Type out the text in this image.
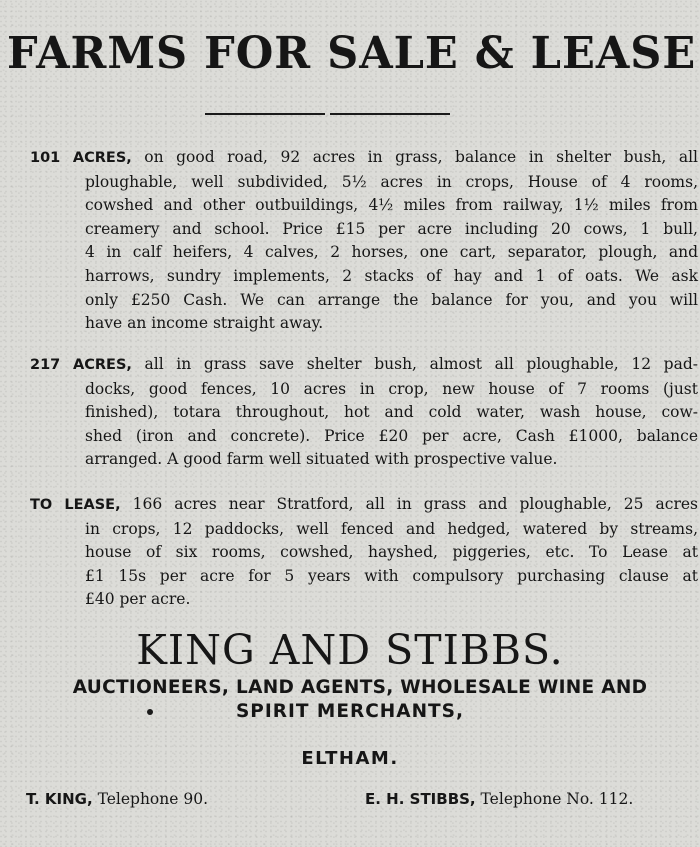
FARMS FOR SALE & LEASE
101 ACRES, on good road, 92 acres in grass, balance in shelter bush, all
ploughable, well subdivided, 5½ acres in crops, House of 4 rooms,
cowshed and other outbuildings, 4½ miles from railway, 1½ miles from
creamery and school. Price £15 per acre including 20 cows, 1 bull,
4 in calf heifers, 4 calves, 2 horses, one cart, separator, plough, and
harrows, sundry implements, 2 stacks of hay and 1 of oats. We ask
only £250 Cash. We can arrange the balance for you, and you will
have an income straight away.
217 ACRES, all in grass save shelter bush, almost all ploughable, 12 pad-
docks, good fences, 10 acres in crop, new house of 7 rooms (just
finished), totara throughout, hot and cold water, wash house, cow-
shed (iron and concrete). Price £20 per acre, Cash £1000, balance
arranged. A good farm well situated with prospective value.
TO LEASE, 166 acres near Stratford, all in grass and ploughable, 25 acres
in crops, 12 paddocks, well fenced and hedged, watered by streams,
house of six rooms, cowshed, hayshed, piggeries, etc. To Lease at
£1 15s per acre for 5 years with compulsory purchasing clause at
£40 per acre.
KING AND STIBBS.
AUCTIONEERS, LAND AGENTS, WHOLESALE WINE AND
SPIRIT MERCHANTS,
ELTHAM.
T. KING, Telephone 90.	E. H. STIBBS, Telephone No. 112.
